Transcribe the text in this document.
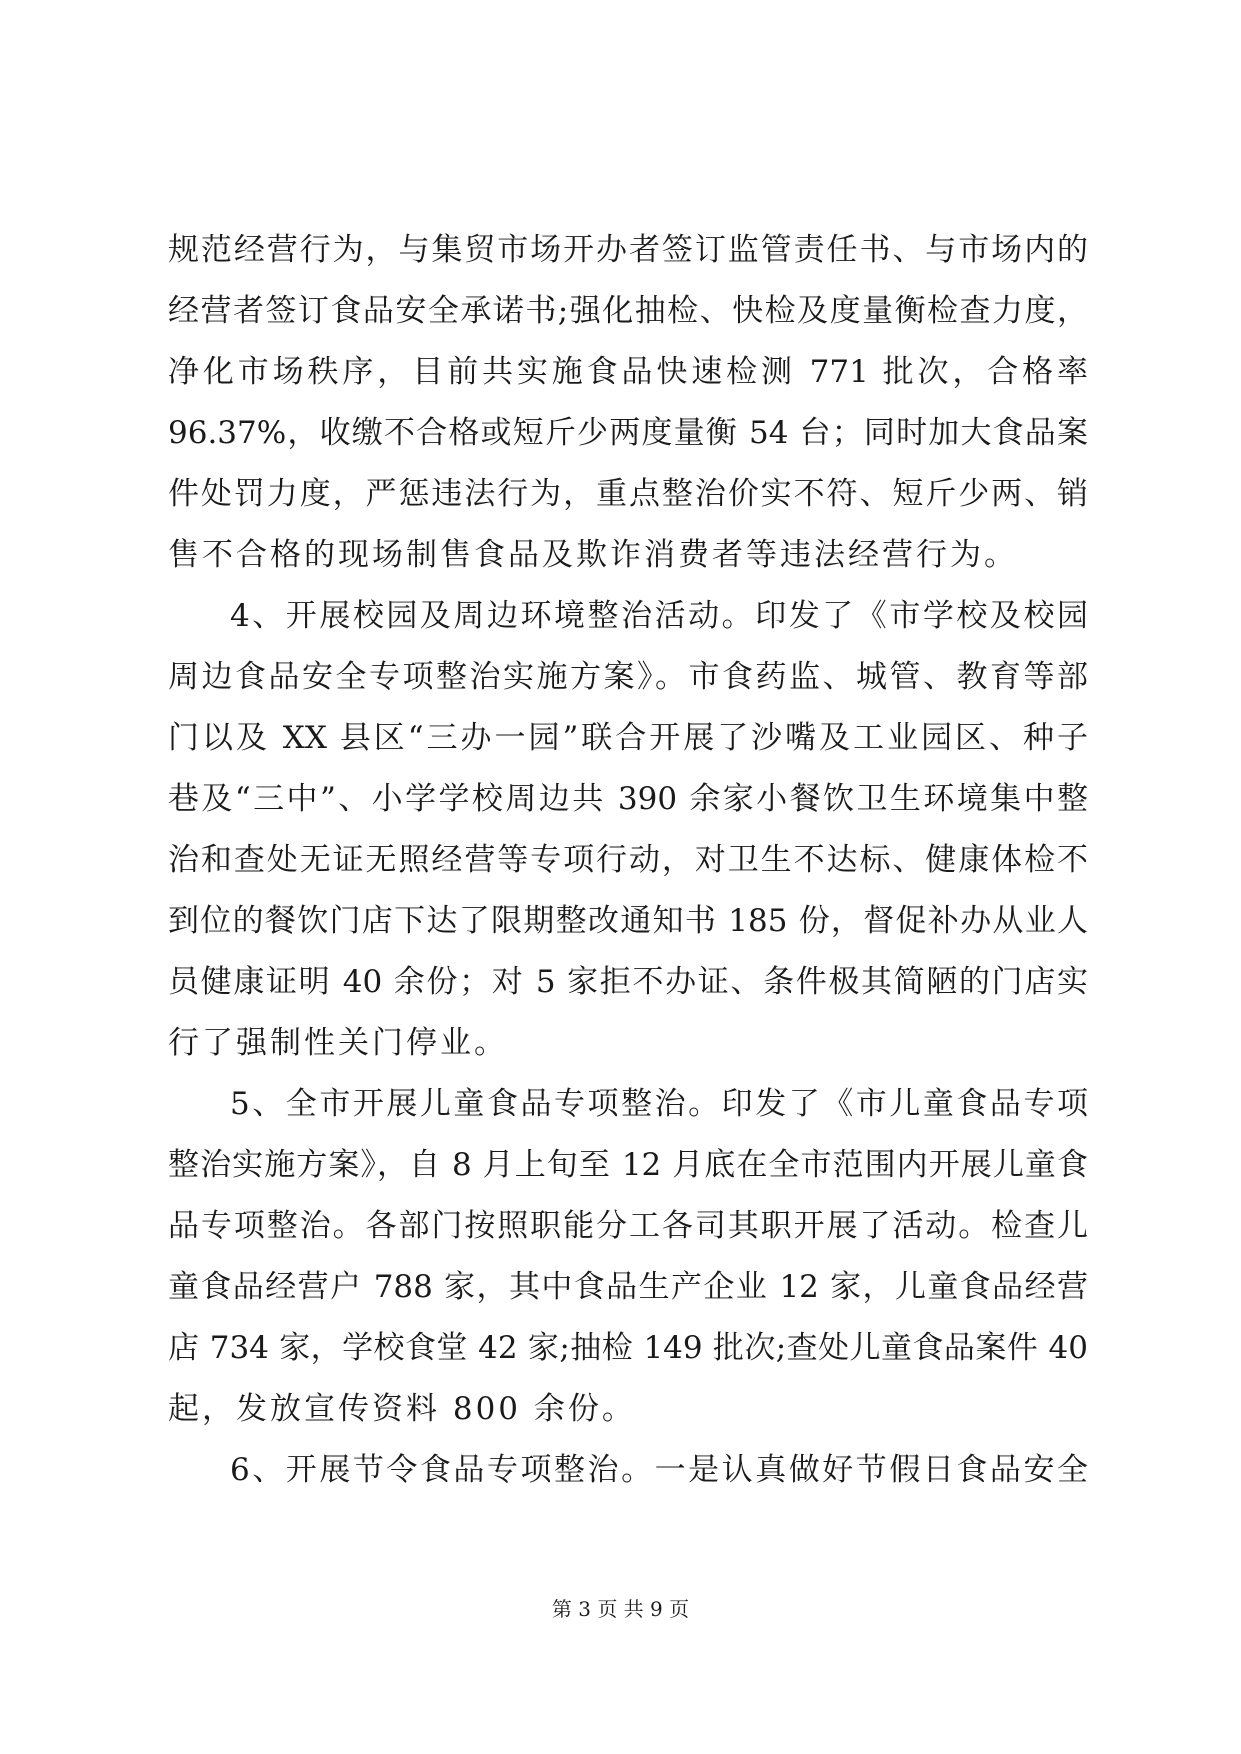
规范经营行为，与集贸市场开办者签订监管责任书、与市场内的
经营者签订食品安全承诺书;强化抽检、快检及度量衡检查力度，
净化市场秩序，目前共实施食品快速检测 771 批次，合格率
96.37%，收缴不合格或短斤少两度量衡 54 台；同时加大食品案
件处罚力度，严惩违法行为，重点整治价实不符、短斤少两、销
售不合格的现场制售食品及欺诈消费者等违法经营行为。
4、开展校园及周边环境整治活动。印发了《市学校及校园
周边食品安全专项整治实施方案》。市食药监、城管、教育等部
门以及 XX 县区“三办一园”联合开展了沙嘴及工业园区、种子
巷及“三中”、小学学校周边共 390 余家小餐饮卫生环境集中整
治和查处无证无照经营等专项行动，对卫生不达标、健康体检不
到位的餐饮门店下达了限期整改通知书 185 份，督促补办从业人
员健康证明 40 余份；对 5 家拒不办证、条件极其简陋的门店实
行了强制性关门停业。
5、全市开展儿童食品专项整治。印发了《市儿童食品专项
整治实施方案》，自 8 月上旬至 12 月底在全市范围内开展儿童食
品专项整治。各部门按照职能分工各司其职开展了活动。检查儿
童食品经营户 788 家，其中食品生产企业 12 家，儿童食品经营
店 734 家，学校食堂 42 家;抽检 149 批次;查处儿童食品案件 40
起，发放宣传资料 800 余份。
6、开展节令食品专项整治。一是认真做好节假日食品安全
第 3 页 共 9 页
